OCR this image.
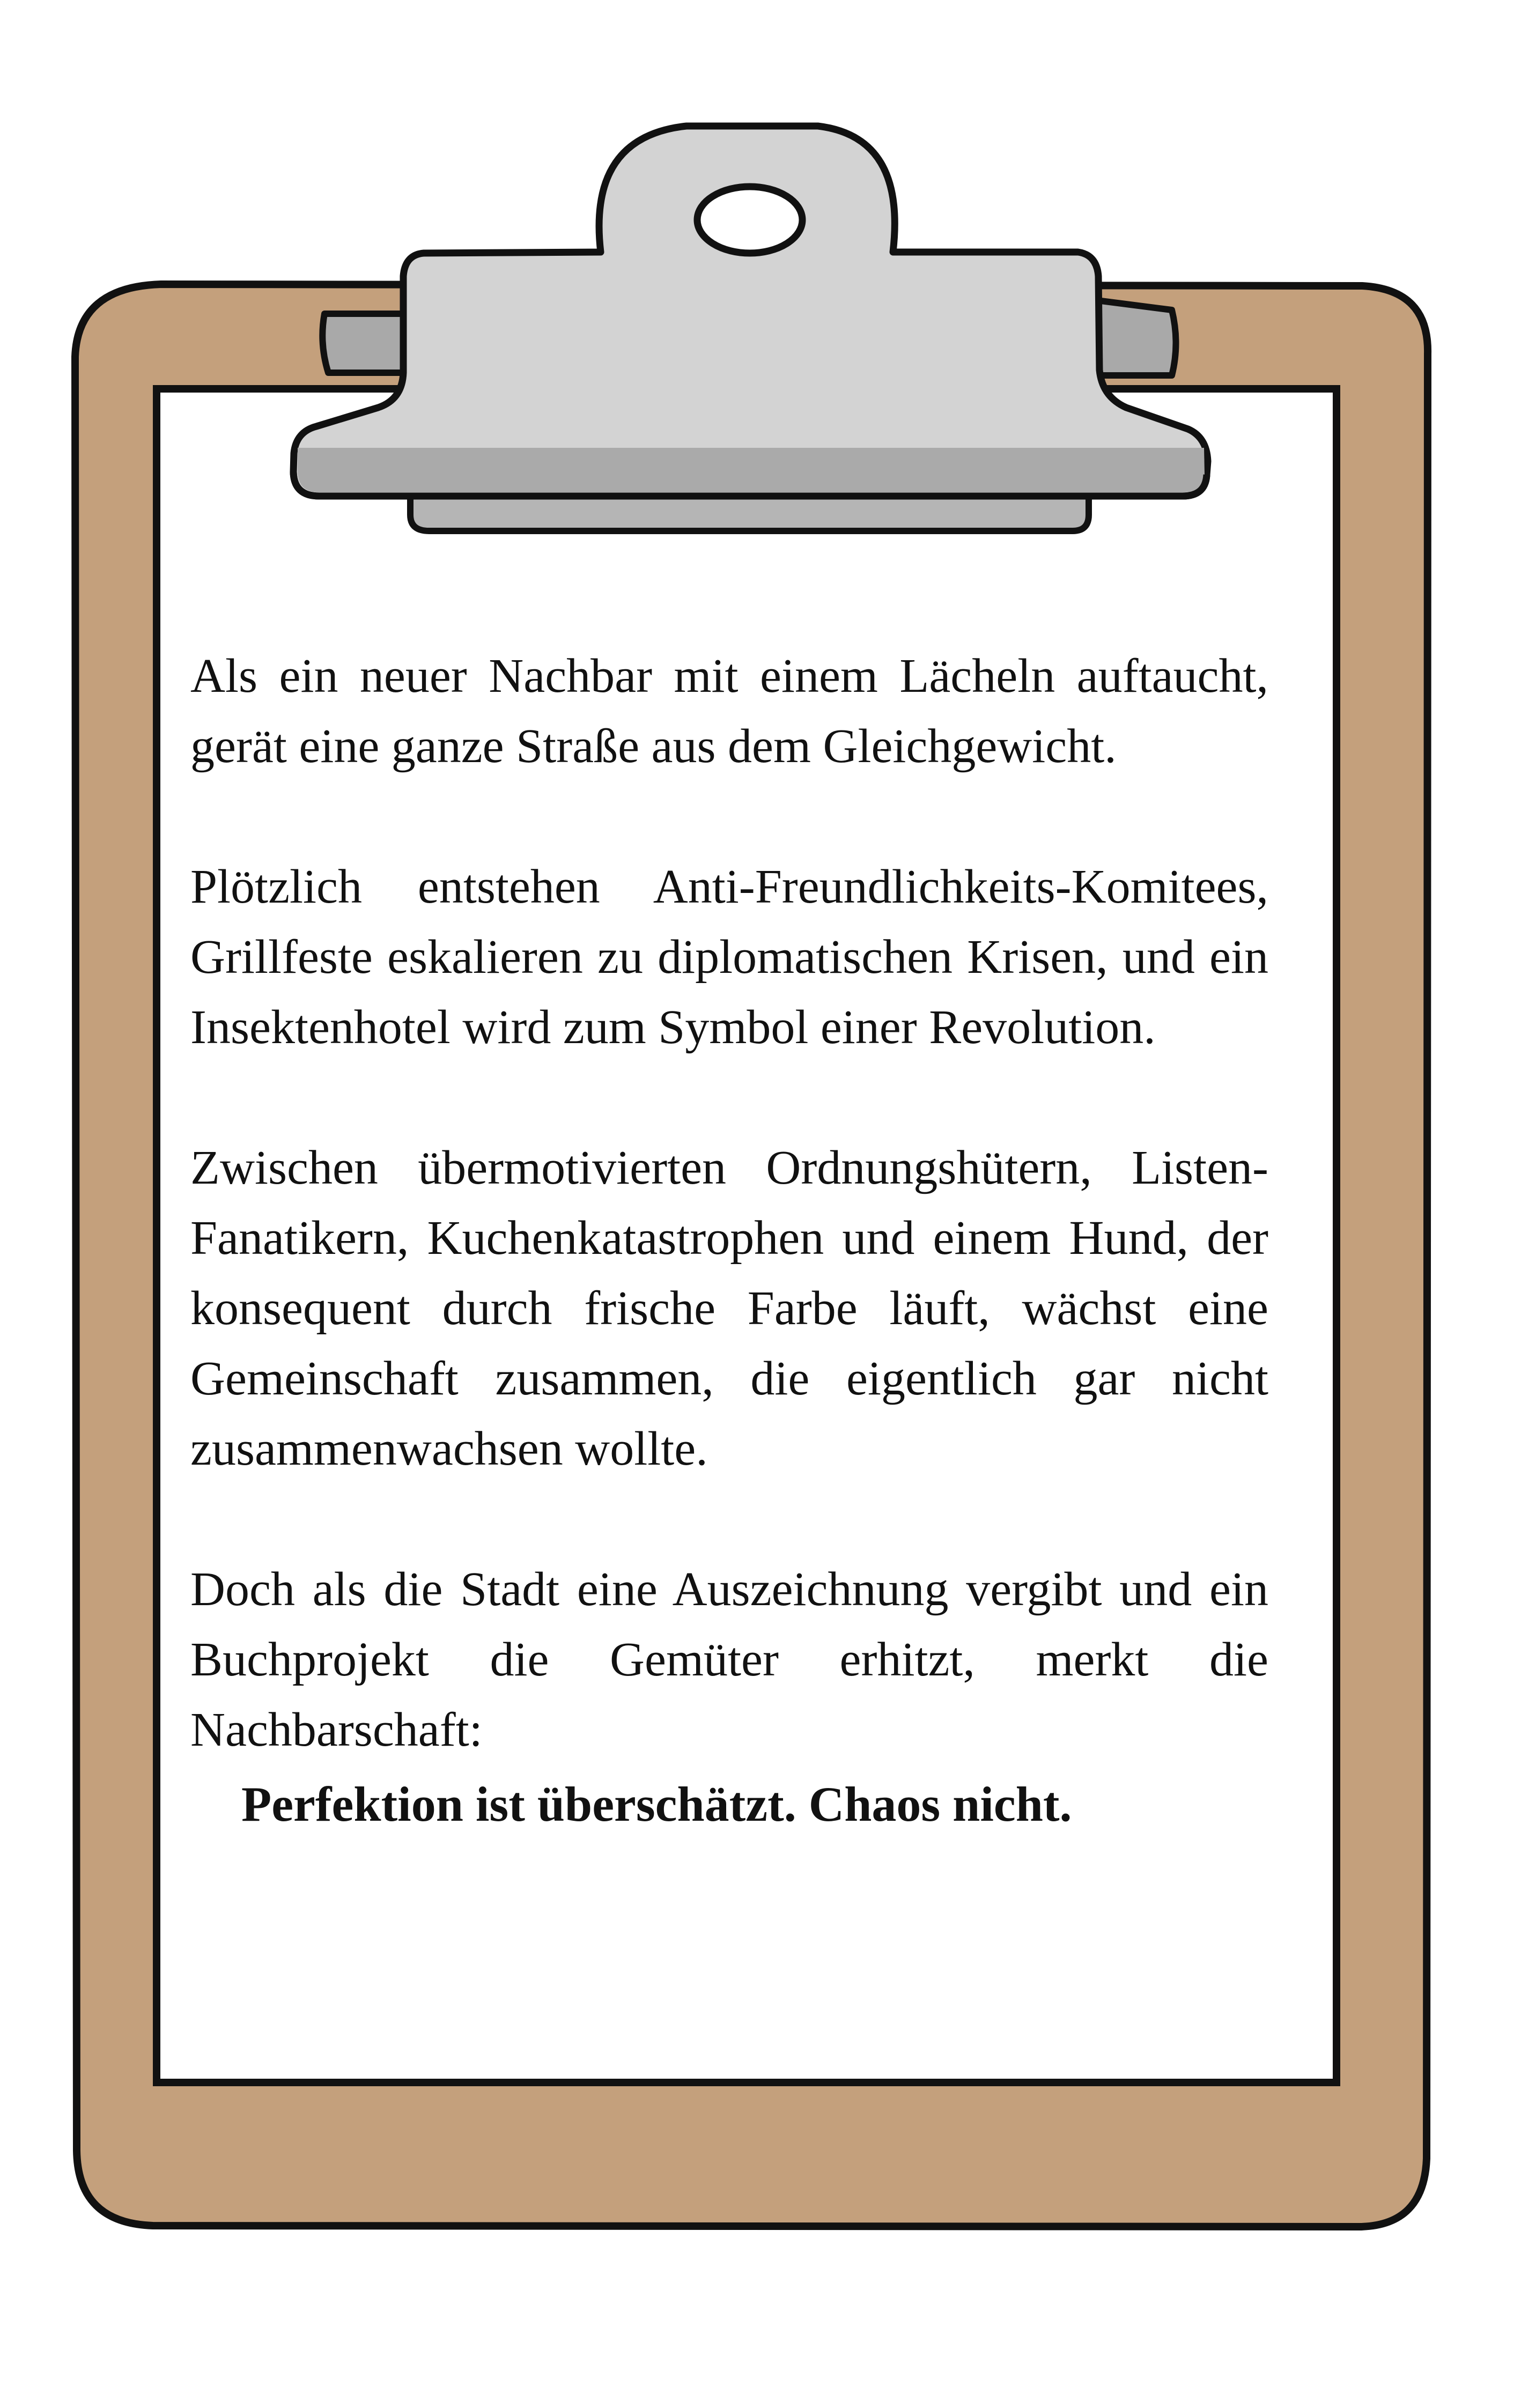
Als ein neuer Nachbar mit einem Lächeln auftaucht, gerät eine ganze Straße aus dem Gleichgewicht.

Plötzlich entstehen Anti-Freundlichkeits-Komitees, Grillfeste eskalieren zu diplomatischen Krisen, und ein Insektenhotel wird zum Symbol einer Revolution.

Zwischen übermotivierten Ordnungshütern, Listen-Fanatikern, Kuchenkatastrophen und einem Hund, der konsequent durch frische Farbe läuft, wächst eine Gemeinschaft zusammen, die eigentlich gar nicht zusammenwachsen wollte.

Doch als die Stadt eine Auszeichnung vergibt und ein Buchprojekt die Gemüter erhitzt, merkt die Nachbarschaft:

Perfektion ist überschätzt. Chaos nicht.
